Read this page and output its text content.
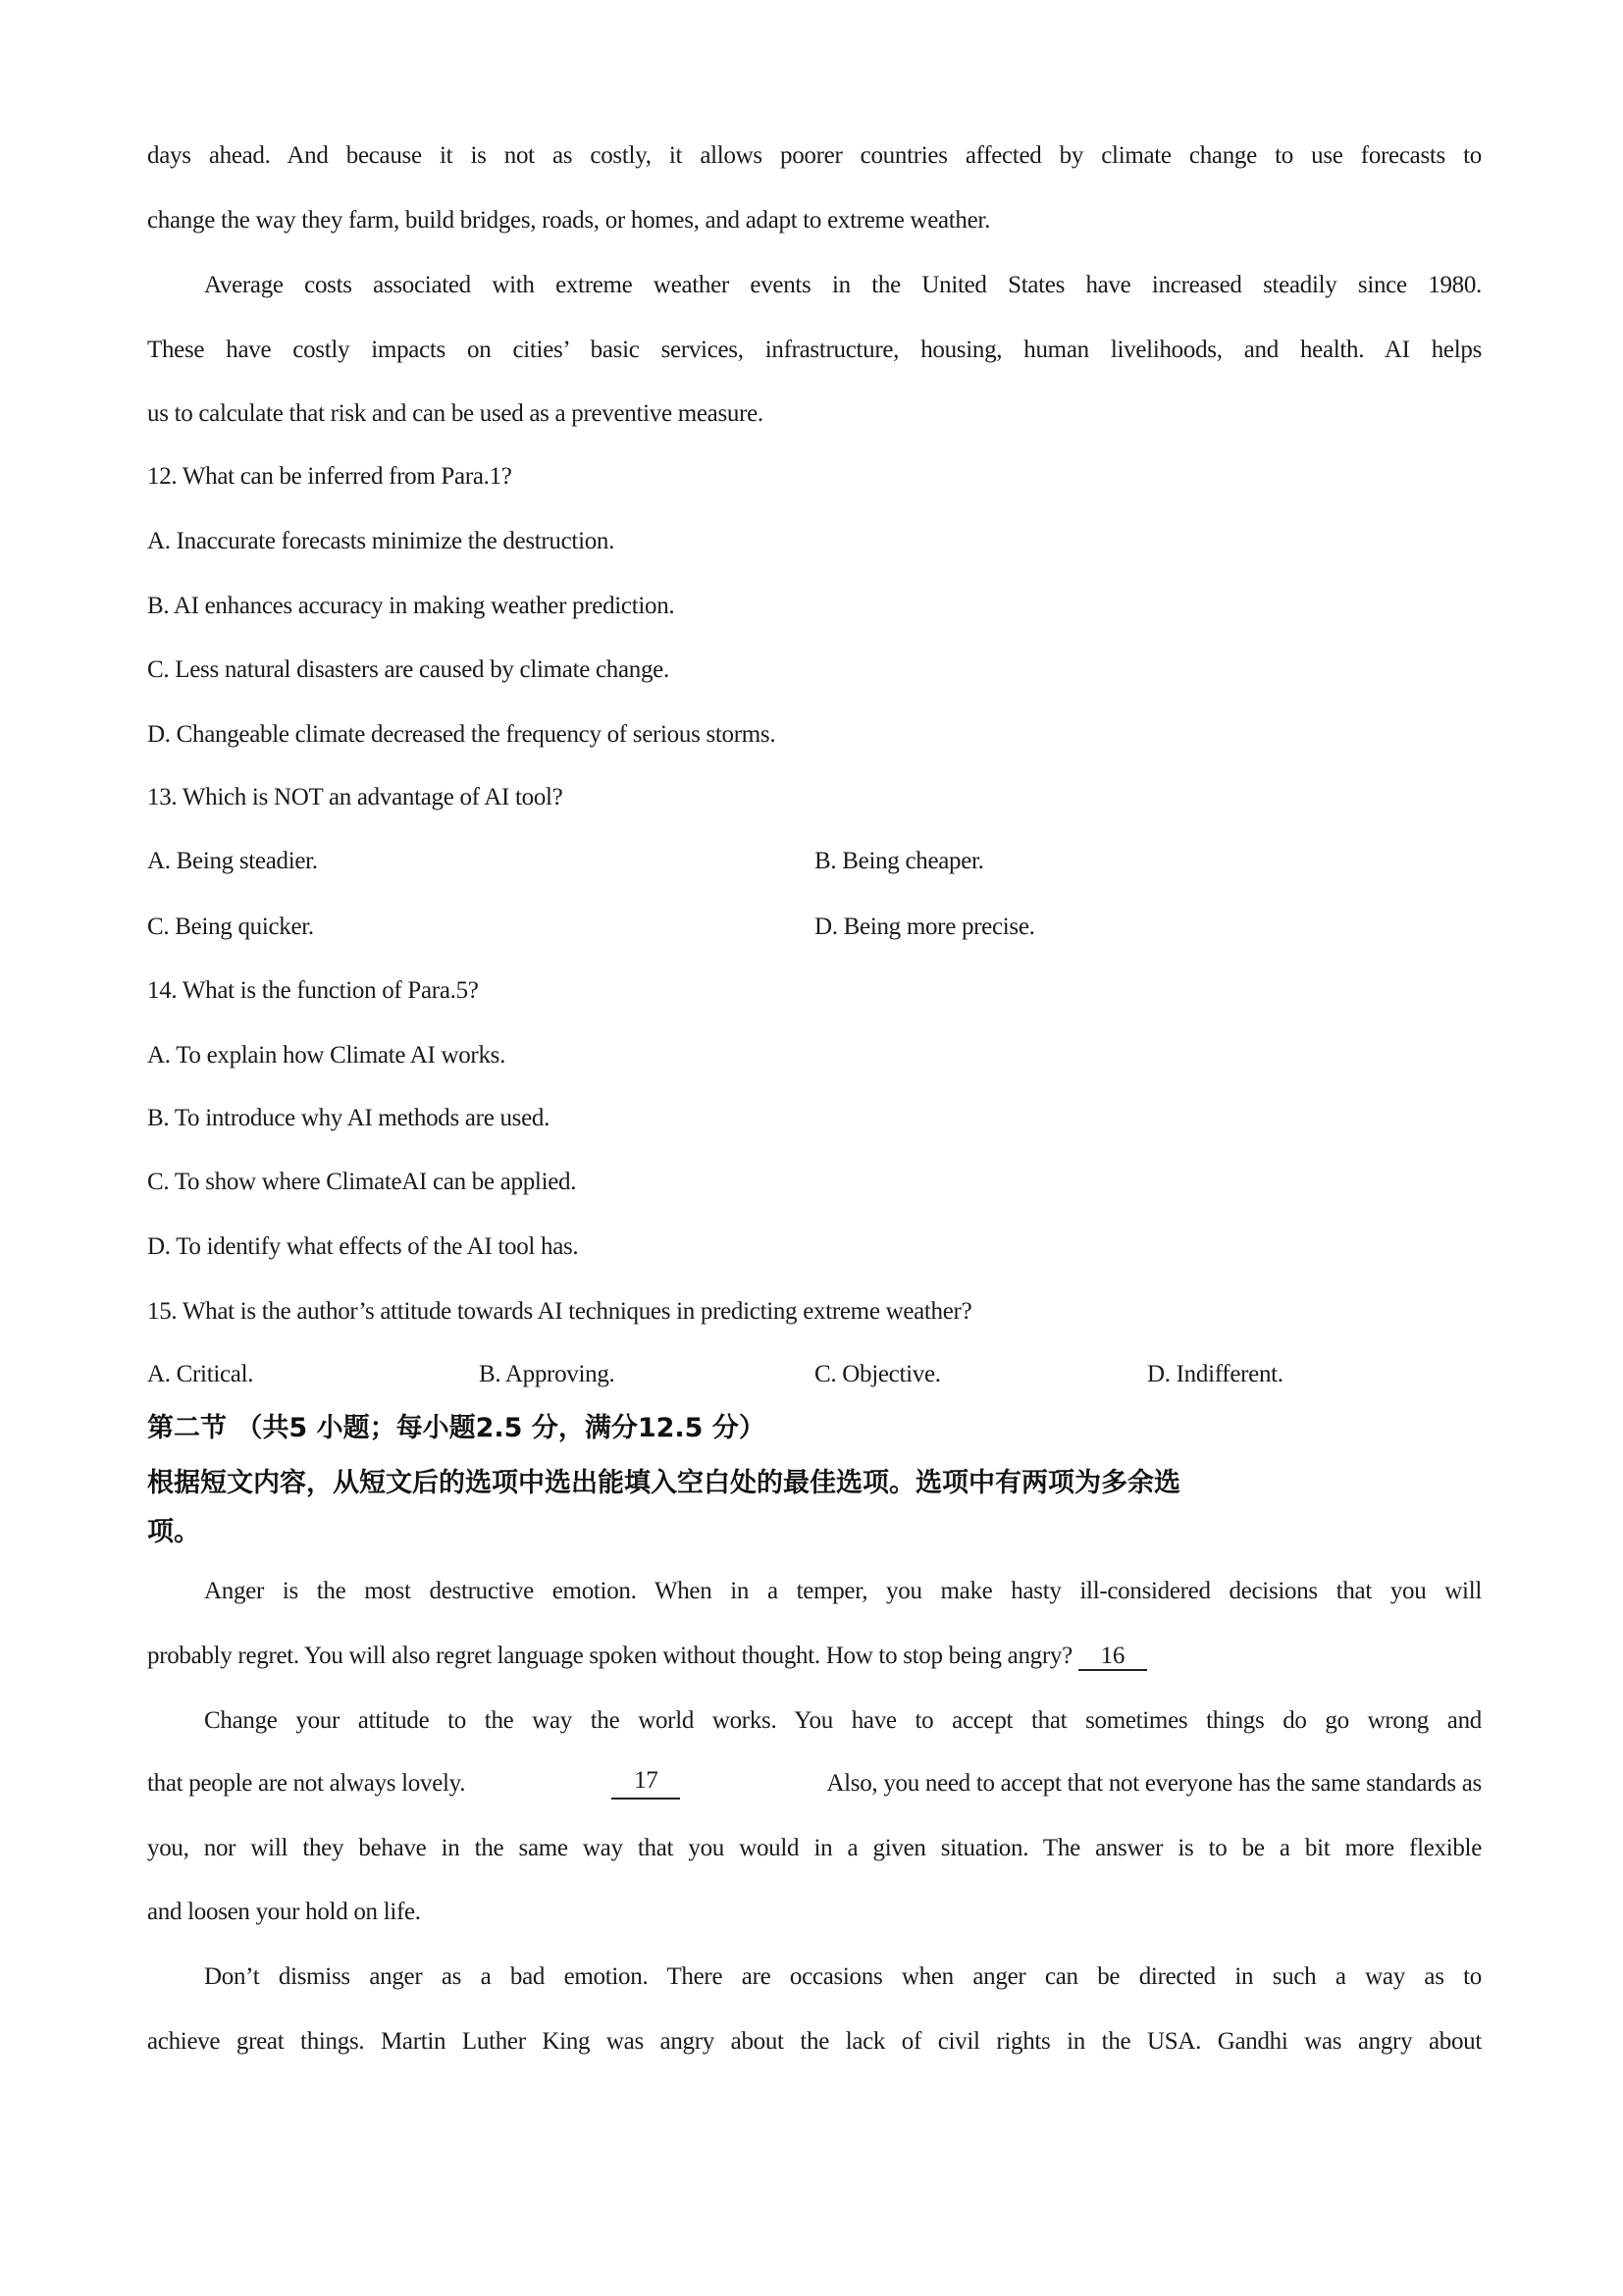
days ahead. And because it is not as costly, it allows poorer countries affected by climate change to use forecasts to
change the way they farm, build bridges, roads, or homes, and adapt to extreme weather.
Average costs associated with extreme weather events in the United States have increased steadily since 1980.
These have costly impacts on cities’ basic services, infrastructure, housing, human livelihoods, and health. AI helps
us to calculate that risk and can be used as a preventive measure.
12. What can be inferred from Para.1?
A. Inaccurate forecasts minimize the destruction.
B. AI enhances accuracy in making weather prediction.
C. Less natural disasters are caused by climate change.
D. Changeable climate decreased the frequency of serious storms.
13. Which is NOT an advantage of AI tool?
A. Being steadier.	B. Being cheaper.
C. Being quicker.	D. Being more precise.
14. What is the function of Para.5?
A. To explain how Climate AI works.
B. To introduce why AI methods are used.
C. To show where ClimateAI can be applied.
D. To identify what effects of the AI tool has.
15. What is the author’s attitude towards AI techniques in predicting extreme weather?
A. Critical.	B. Approving.	C. Objective.	D. Indifferent.
第二节 （共5 小题；每小题2.5 分，满分12.5 分）
根据短文内容，从短文后的选项中选出能填入空白处的最佳选项。选项中有两项为多余选
项。
Anger is the most destructive emotion. When in a temper, you make hasty ill-considered decisions that you will
probably regret. You will also regret language spoken without thought. How to stop being angry? 16
Change your attitude to the way the world works. You have to accept that sometimes things do go wrong and
that people are not always lovely.	17	Also, you need to accept that not everyone has the same standards as
you, nor will they behave in the same way that you would in a given situation. The answer is to be a bit more flexible
and loosen your hold on life.
Don’t dismiss anger as a bad emotion. There are occasions when anger can be directed in such a way as to
achieve great things. Martin Luther King was angry about the lack of civil rights in the USA. Gandhi was angry about
